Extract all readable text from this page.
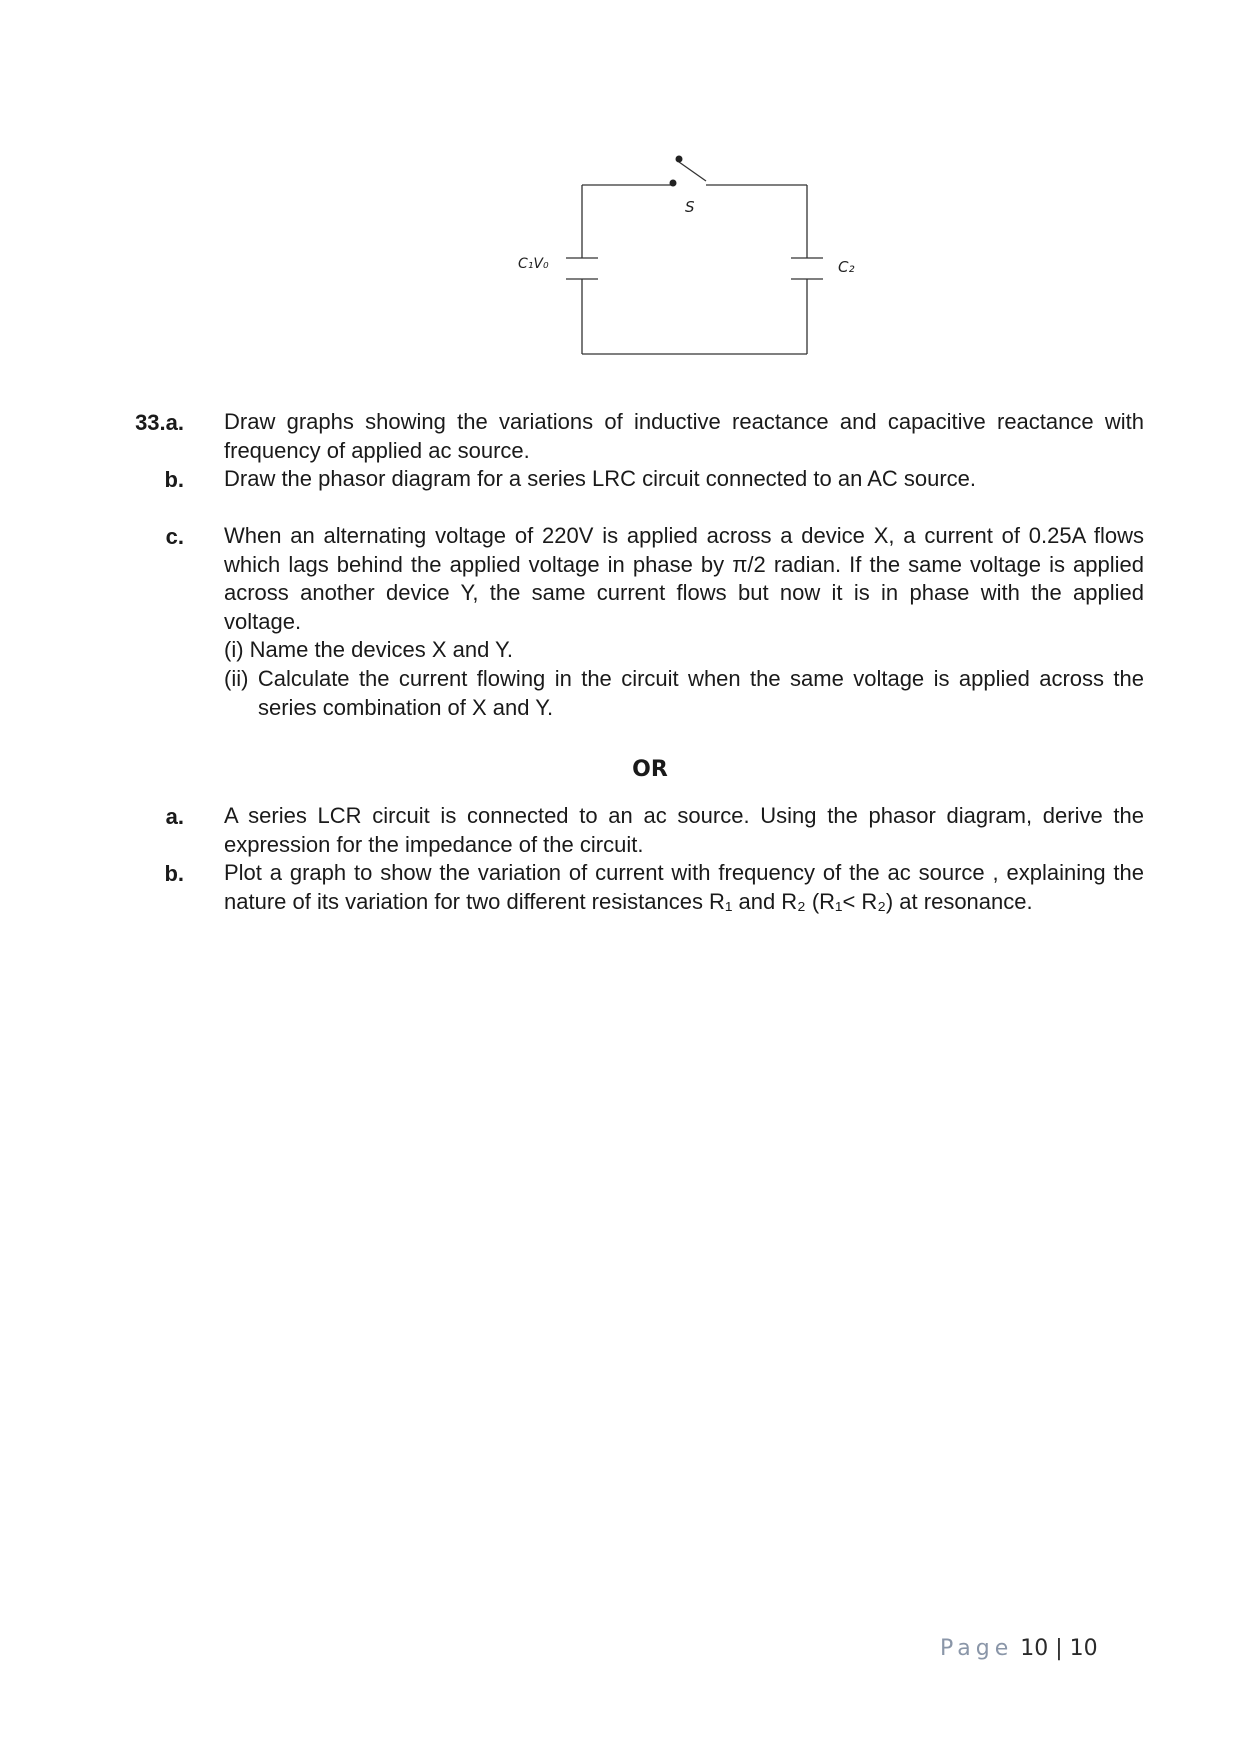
S
C₁V₀	C₂
33.a. Draw graphs showing the variations of inductive reactance and capacitive reactance with frequency of applied ac source.
b. Draw the phasor diagram for a series LRC circuit connected to an AC source.
c. When an alternating voltage of 220V is applied across a device X, a current of 0.25A flows which lags behind the applied voltage in phase by π/2 radian. If the same voltage is applied across another device Y, the same current flows but now it is in phase with the applied voltage.
(i) Name the devices X and Y.
(ii) Calculate the current flowing in the circuit when the same voltage is applied across the series combination of X and Y.
OR
a. A series LCR circuit is connected to an ac source. Using the phasor diagram, derive the expression for the impedance of the circuit.
b. Plot a graph to show the variation of current with frequency of the ac source , explaining the nature of its variation for two different resistances R₁ and R₂ (R₁< R₂) at resonance.
Page 10 | 10
